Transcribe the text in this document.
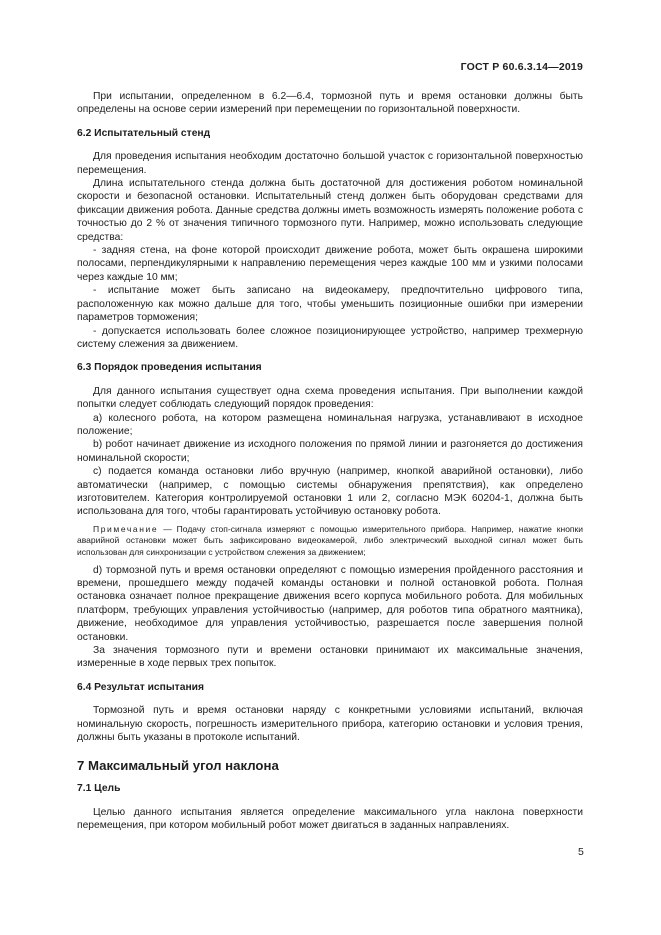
ГОСТ Р 60.6.3.14—2019

При испытании, определенном в 6.2—6.4, тормозной путь и время остановки должны быть определены на основе серии измерений при перемещении по горизонтальной поверхности.

6.2 Испытательный стенд

Для проведения испытания необходим достаточно большой участок с горизонтальной поверхностью перемещения.

Длина испытательного стенда должна быть достаточной для достижения роботом номинальной скорости и безопасной остановки. Испытательный стенд должен быть оборудован средствами для фиксации движения робота. Данные средства должны иметь возможность измерять положение робота с точностью до 2 % от значения типичного тормозного пути. Например, можно использовать следующие средства:

- задняя стена, на фоне которой происходит движение робота, может быть окрашена широкими полосами, перпендикулярными к направлению перемещения через каждые 100 мм и узкими полосами через каждые 10 мм;

- испытание может быть записано на видеокамеру, предпочтительно цифрового типа, расположенную как можно дальше для того, чтобы уменьшить позиционные ошибки при измерении параметров торможения;

- допускается использовать более сложное позиционирующее устройство, например трехмерную систему слежения за движением.

6.3 Порядок проведения испытания

Для данного испытания существует одна схема проведения испытания. При выполнении каждой попытки следует соблюдать следующий порядок проведения:

а) колесного робота, на котором размещена номинальная нагрузка, устанавливают в исходное положение;

b) робот начинает движение из исходного положения по прямой линии и разгоняется до достижения номинальной скорости;

с) подается команда остановки либо вручную (например, кнопкой аварийной остановки), либо автоматически (например, с помощью системы обнаружения препятствия), как определено изготовителем. Категория контролируемой остановки 1 или 2, согласно МЭК 60204-1, должна быть использована для того, чтобы гарантировать устойчивую остановку робота.

Примечание — Подачу стоп-сигнала измеряют с помощью измерительного прибора. Например, нажатие кнопки аварийной остановки может быть зафиксировано видеокамерой, либо электрический выходной сигнал может быть использован для синхронизации с устройством слежения за движением;

d) тормозной путь и время остановки определяют с помощью измерения пройденного расстояния и времени, прошедшего между подачей команды остановки и полной остановкой робота. Полная остановка означает полное прекращение движения всего корпуса мобильного робота. Для мобильных платформ, требующих управления устойчивостью (например, для роботов типа обратного маятника), движение, необходимое для управления устойчивостью, разрешается после завершения полной остановки.

За значения тормозного пути и времени остановки принимают их максимальные значения, измеренные в ходе первых трех попыток.

6.4 Результат испытания

Тормозной путь и время остановки наряду с конкретными условиями испытаний, включая номинальную скорость, погрешность измерительного прибора, категорию остановки и условия трения, должны быть указаны в протоколе испытаний.

7 Максимальный угол наклона

7.1 Цель

Целью данного испытания является определение максимального угла наклона поверхности перемещения, при котором мобильный робот может двигаться в заданных направлениях.

5
